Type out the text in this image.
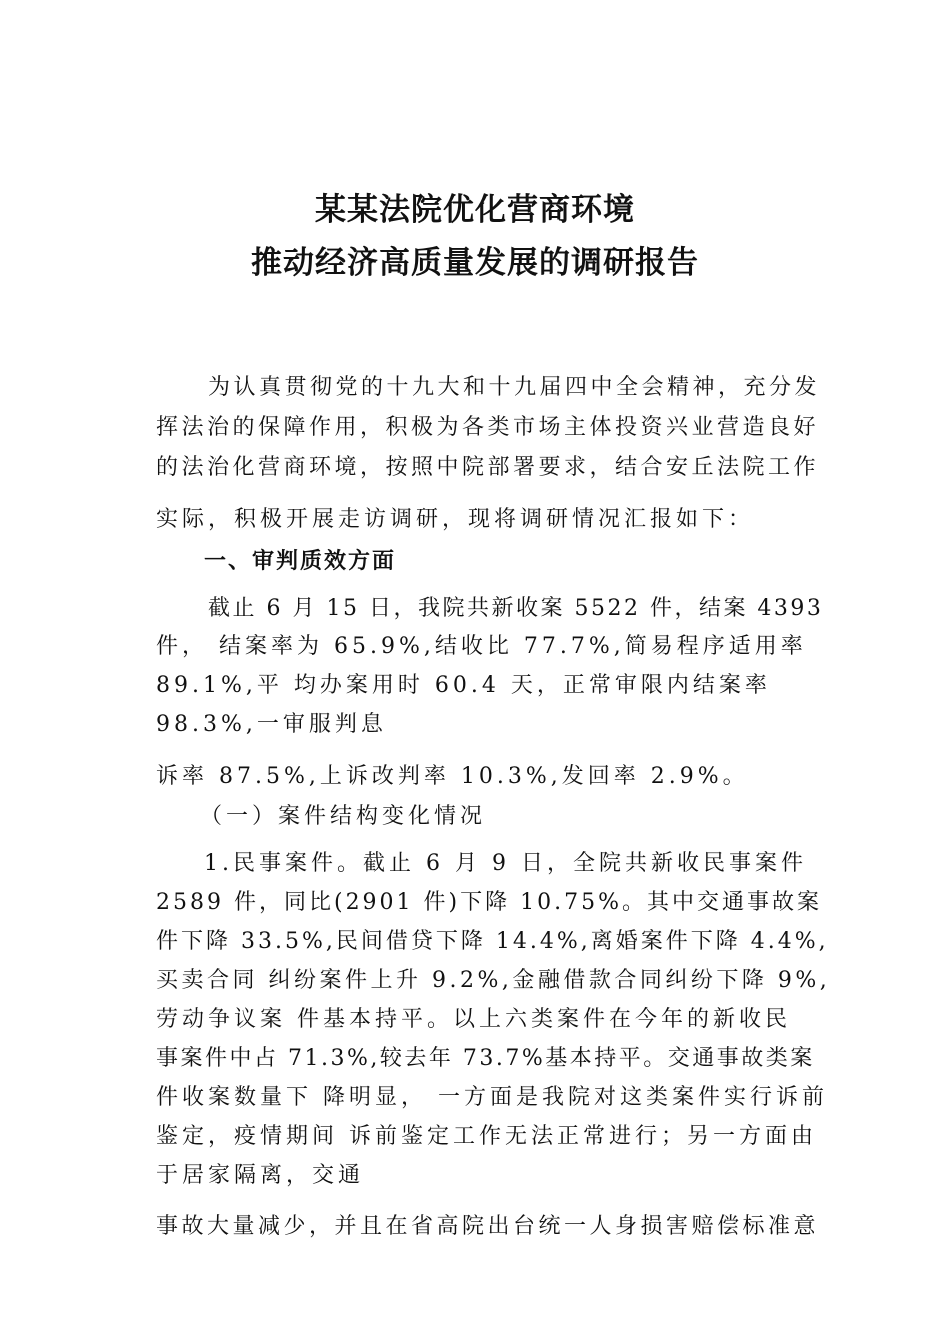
某某法院优化营商环境
推动经济高质量发展的调研报告
为认真贯彻党的十九大和十九届四中全会精神，充分发
挥法治的保障作用，积极为各类市场主体投资兴业营造良好
的法治化营商环境，按照中院部署要求，结合安丘法院工作
实际，积极开展走访调研，现将调研情况汇报如下：
一、审判质效方面
截止 6 月 15 日，我院共新收案 5522 件，结案 4393
件， 结案率为 65.9%,结收比 77.7%,简易程序适用率
89.1%,平 均办案用时 60.4 天，正常审限内结案率
98.3%,一审服判息
诉率 87.5%,上诉改判率 10.3%,发回率 2.9%。
（一）案件结构变化情况
1.民事案件。截止 6 月 9 日，全院共新收民事案件
2589 件，同比(2901 件)下降 10.75%。其中交通事故案
件下降 33.5%,民间借贷下降 14.4%,离婚案件下降 4.4%,
买卖合同 纠纷案件上升 9.2%,金融借款合同纠纷下降 9%,
劳动争议案 件基本持平。以上六类案件在今年的新收民
事案件中占 71.3%,较去年 73.7%基本持平。交通事故类案
件收案数量下 降明显， 一方面是我院对这类案件实行诉前
鉴定，疫情期间 诉前鉴定工作无法正常进行；另一方面由
于居家隔离，交通
事故大量减少，并且在省高院出台统一人身损害赔偿标准意
